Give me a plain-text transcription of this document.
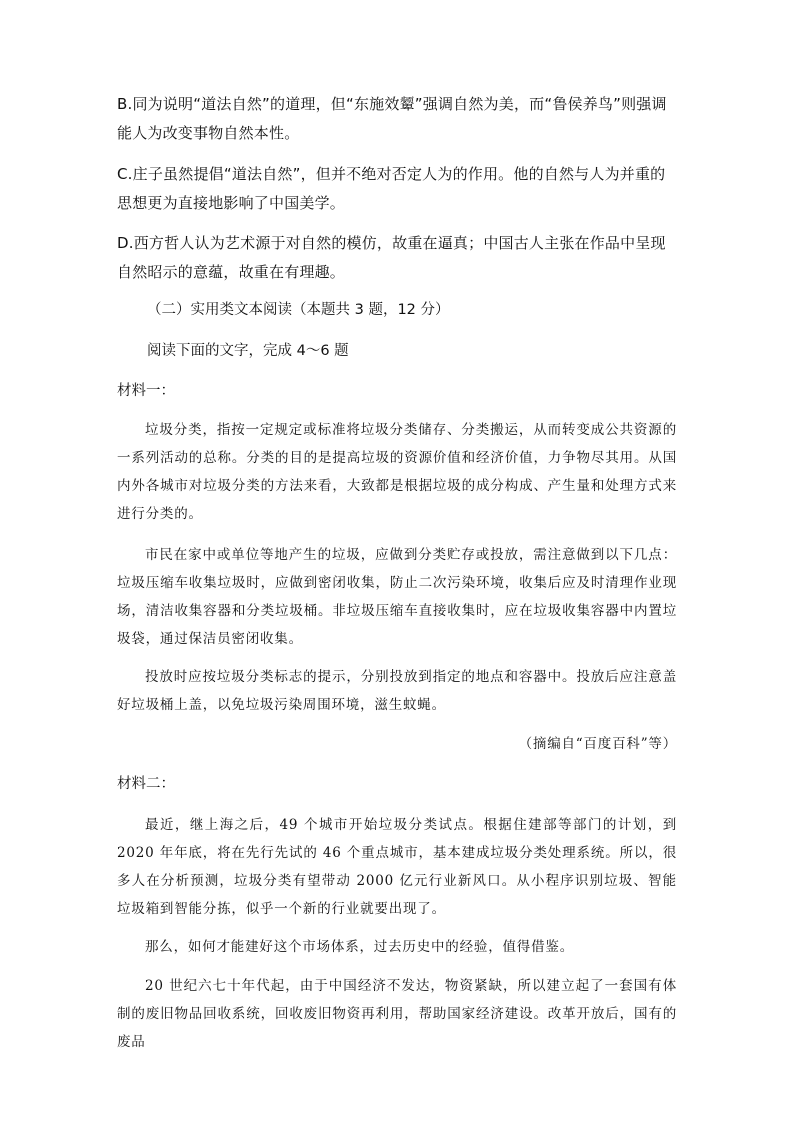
B.同为说明“道法自然”的道理，但“东施效颦”强调自然为美，而“鲁侯养鸟”则强调能人为改变事物自然本性。
C.庄子虽然提倡“道法自然”，但并不绝对否定人为的作用。他的自然与人为并重的思想更为直接地影响了中国美学。
D.西方哲人认为艺术源于对自然的模仿，故重在逼真；中国古人主张在作品中呈现自然昭示的意蕴，故重在有理趣。
（二）实用类文本阅读（本题共 3 题，12 分）
阅读下面的文字，完成 4～6 题
材料一：
垃圾分类，指按一定规定或标准将垃圾分类储存、分类搬运，从而转变成公共资源的一系列活动的总称。分类的目的是提高垃圾的资源价值和经济价值，力争物尽其用。从国内外各城市对垃圾分类的方法来看，大致都是根据垃圾的成分构成、产生量和处理方式来进行分类的。
市民在家中或单位等地产生的垃圾，应做到分类贮存或投放，需注意做到以下几点：垃圾压缩车收集垃圾时，应做到密闭收集，防止二次污染环境，收集后应及时清理作业现场，清洁收集容器和分类垃圾桶。非垃圾压缩车直接收集时，应在垃圾收集容器中内置垃圾袋，通过保洁员密闭收集。
投放时应按垃圾分类标志的提示，分别投放到指定的地点和容器中。投放后应注意盖好垃圾桶上盖，以免垃圾污染周围环境，滋生蚊蝇。
（摘编自“百度百科”等）
材料二：
最近，继上海之后，49 个城市开始垃圾分类试点。根据住建部等部门的计划，到 2020 年年底，将在先行先试的 46 个重点城市，基本建成垃圾分类处理系统。所以，很多人在分析预测，垃圾分类有望带动 2000 亿元行业新风口。从小程序识别垃圾、智能垃圾箱到智能分拣，似乎一个新的行业就要出现了。
那么，如何才能建好这个市场体系，过去历史中的经验，值得借鉴。
20 世纪六七十年代起，由于中国经济不发达，物资紧缺，所以建立起了一套国有体制的废旧物品回收系统，回收废旧物资再利用，帮助国家经济建设。改革开放后，国有的废品
